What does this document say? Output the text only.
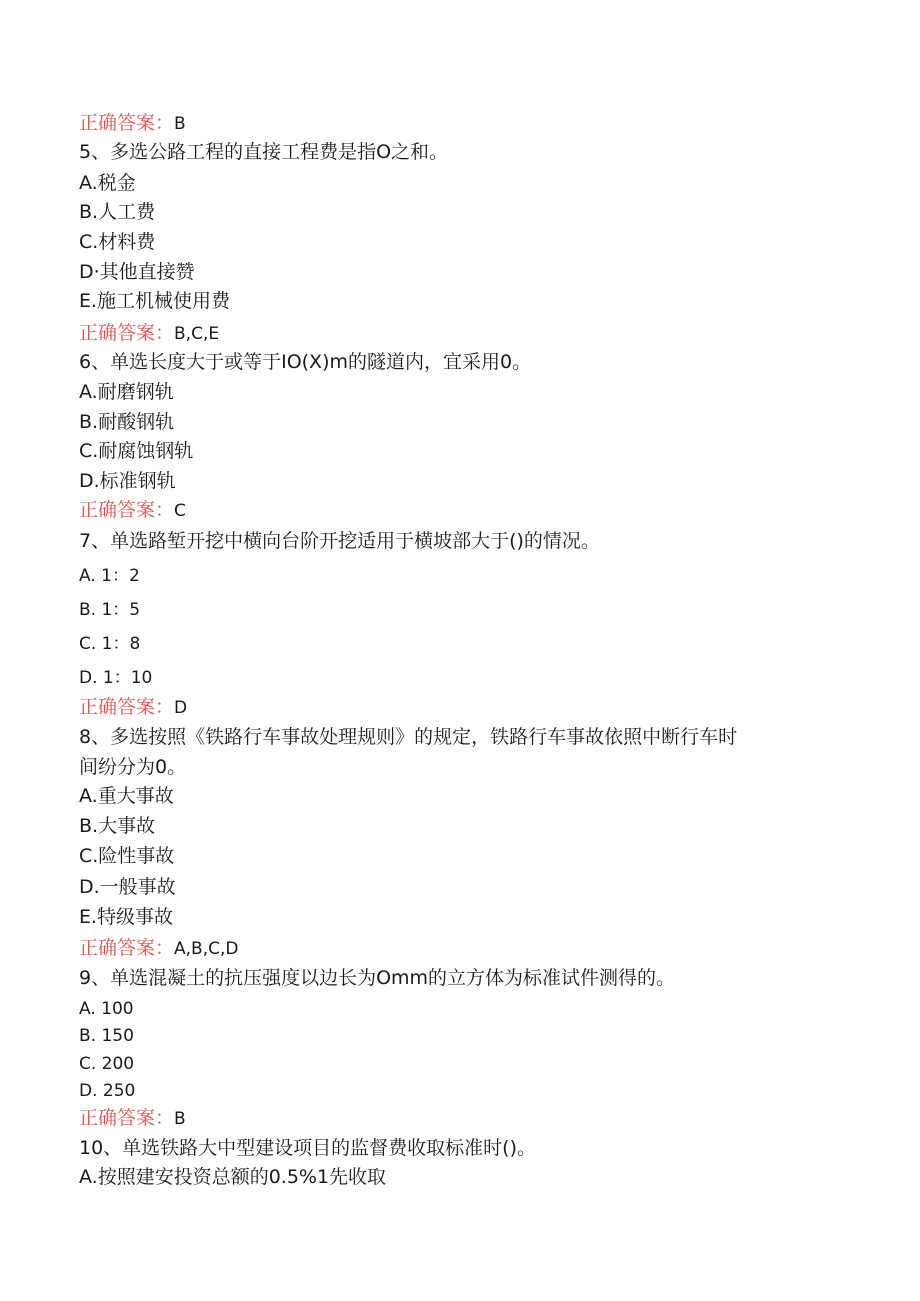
正确答案：B
5、多选公路工程的直接工程费是指O之和。
A.税金
B.人工费
C.材料费
D·其他直接赞
E.施工机械使用费
正确答案：B,C,E
6、单选长度大于或等于IO(X)m的隧道内，宜采用0。
A.耐磨钢轨
B.耐酸钢轨
C.耐腐蚀钢轨
D.标准钢轨
正确答案：C
7、单选路堑开挖中横向台阶开挖适用于横坡部大于()的情况。
A. 1：2
B. 1：5
C. 1：8
D. 1：10
正确答案：D
8、多选按照《铁路行车事故处理规则》的规定，铁路行车事故依照中断行车时
间纷分为0。
A.重大事故
B.大事故
C.险性事故
D.一般事故
E.特级事故
正确答案：A,B,C,D
9、单选混凝土的抗压强度以边长为Omm的立方体为标准试件测得的。
A. 100
B. 150
C. 200
D. 250
正确答案：B
10、单选铁路大中型建设项目的监督费收取标准时()。
A.按照建安投资总额的0.5%1先收取
